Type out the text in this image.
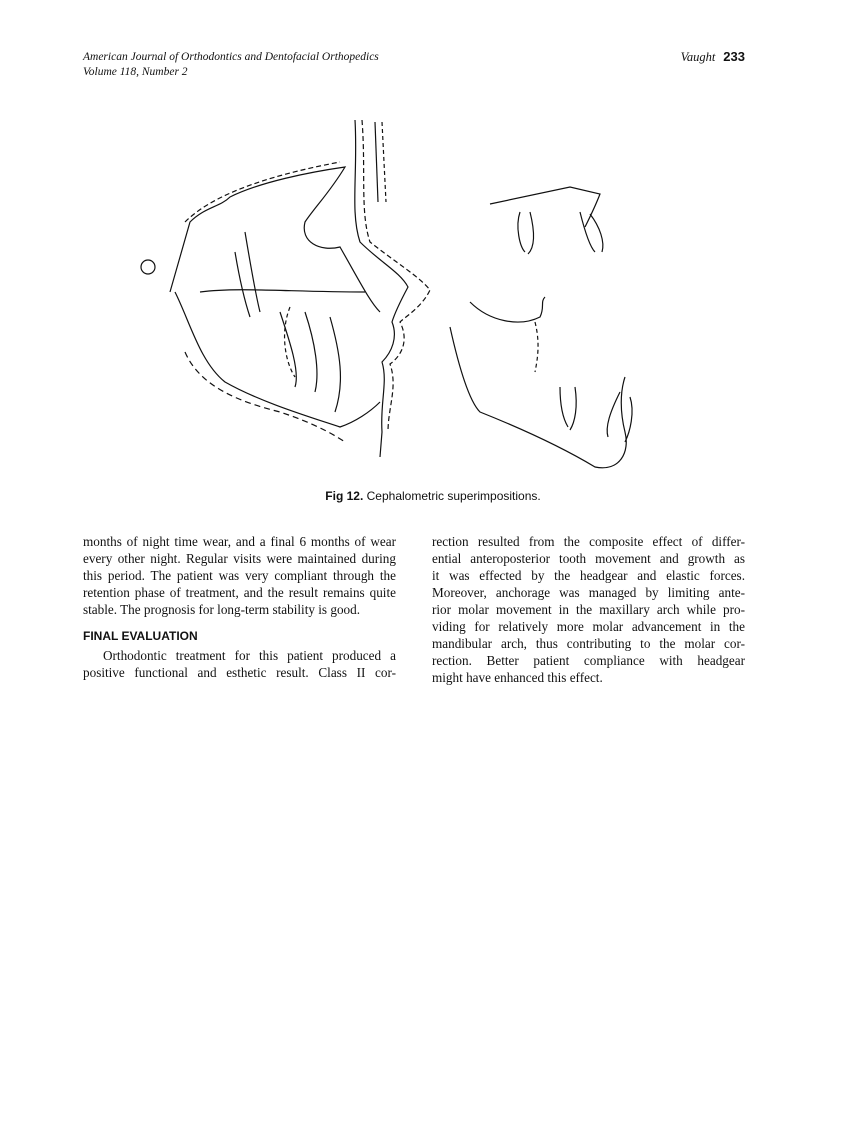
American Journal of Orthodontics and Dentofacial Orthopedics
Volume 118, Number 2
Vaught 233
Fig 12. Cephalometric superimpositions.
months of night time wear, and a final 6 months of wear
every other night. Regular visits were maintained during
this period. The patient was very compliant through the
retention phase of treatment, and the result remains quite
stable. The prognosis for long-term stability is good.
FINAL EVALUATION
Orthodontic treatment for this patient produced a
positive functional and esthetic result. Class II cor-
rection resulted from the composite effect of differ-
ential anteroposterior tooth movement and growth as
it was effected by the headgear and elastic forces.
Moreover, anchorage was managed by limiting ante-
rior molar movement in the maxillary arch while pro-
viding for relatively more molar advancement in the
mandibular arch, thus contributing to the molar cor-
rection. Better patient compliance with headgear
might have enhanced this effect.
